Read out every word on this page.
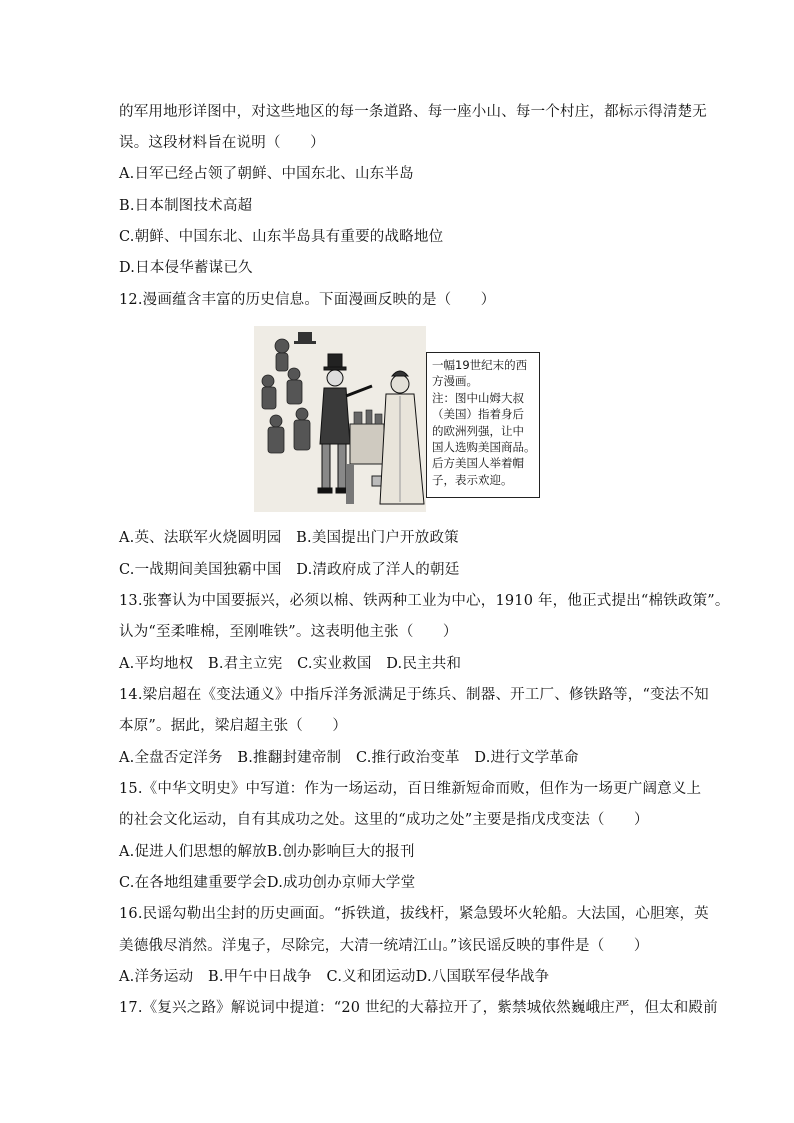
的军用地形详图中，对这些地区的每一条道路、每一座小山、每一个村庄，都标示得清楚无
误。这段材料旨在说明（　　）
A.日军已经占领了朝鲜、中国东北、山东半岛
B.日本制图技术高超
C.朝鲜、中国东北、山东半岛具有重要的战略地位
D.日本侵华蓄谋已久
12.漫画蕴含丰富的历史信息。下面漫画反映的是（　　）
一幅19世纪末的西
方漫画。
注：图中山姆大叔
（美国）指着身后
的欧洲列强，让中
国人选购美国商品。
后方美国人举着帽
子，表示欢迎。
A.英、法联军火烧圆明园　B.美国提出门户开放政策
C.一战期间美国独霸中国　D.清政府成了洋人的朝廷
13.张謇认为中国要振兴，必须以棉、铁两种工业为中心，1910 年，他正式提出“棉铁政策”。
认为“至柔唯棉，至刚唯铁”。这表明他主张（　　）
A.平均地权　B.君主立宪　C.实业救国　D.民主共和
14.梁启超在《变法通义》中指斥洋务派满足于练兵、制器、开工厂、修铁路等，“变法不知
本原”。据此，梁启超主张（　　）
A.全盘否定洋务　B.推翻封建帝制　C.推行政治变革　D.进行文学革命
15.《中华文明史》中写道：作为一场运动，百日维新短命而败，但作为一场更广阔意义上
的社会文化运动，自有其成功之处。这里的“成功之处”主要是指戊戌变法（　　）
A.促进人们思想的解放B.创办影响巨大的报刊
C.在各地组建重要学会D.成功创办京师大学堂
16.民谣勾勒出尘封的历史画面。“拆铁道，拔线杆，紧急毁坏火轮船。大法国，心胆寒，英
美德俄尽消然。洋鬼子，尽除完，大清一统靖江山。”该民谣反映的事件是（　　）
A.洋务运动　B.甲午中日战争　C.义和团运动D.八国联军侵华战争
17.《复兴之路》解说词中提道：“20 世纪的大幕拉开了，紫禁城依然巍峨庄严，但太和殿前
